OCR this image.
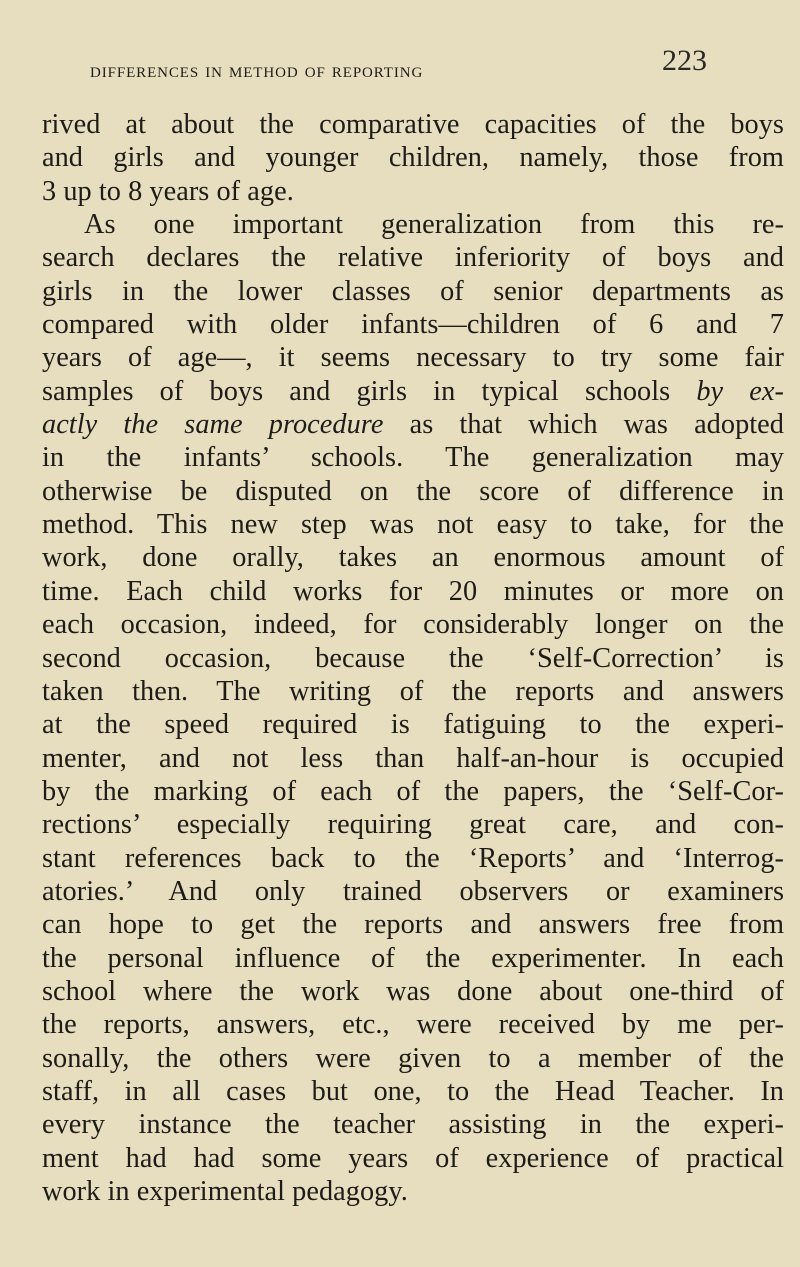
differences in method of reporting	223
rived at about the comparative capacities of the boys
and girls and younger children, namely, those from
3 up to 8 years of age.
As one important generalization from this re-
search declares the relative inferiority of boys and
girls in the lower classes of senior departments as
compared with older infants—children of 6 and 7
years of age—, it seems necessary to try some fair
samples of boys and girls in typical schools by ex-
actly the same procedure as that which was adopted
in the infants’ schools. The generalization may
otherwise be disputed on the score of difference in
method. This new step was not easy to take, for the
work, done orally, takes an enormous amount of
time. Each child works for 20 minutes or more on
each occasion, indeed, for considerably longer on the
second occasion, because the ‘Self-Correction’ is
taken then. The writing of the reports and answers
at the speed required is fatiguing to the experi-
menter, and not less than half-an-hour is occupied
by the marking of each of the papers, the ‘Self-Cor-
rections’ especially requiring great care, and con-
stant references back to the ‘Reports’ and ‘Interrog-
atories.’ And only trained observers or examiners
can hope to get the reports and answers free from
the personal influence of the experimenter. In each
school where the work was done about one-third of
the reports, answers, etc., were received by me per-
sonally, the others were given to a member of the
staff, in all cases but one, to the Head Teacher. In
every instance the teacher assisting in the experi-
ment had had some years of experience of practical
work in experimental pedagogy.
